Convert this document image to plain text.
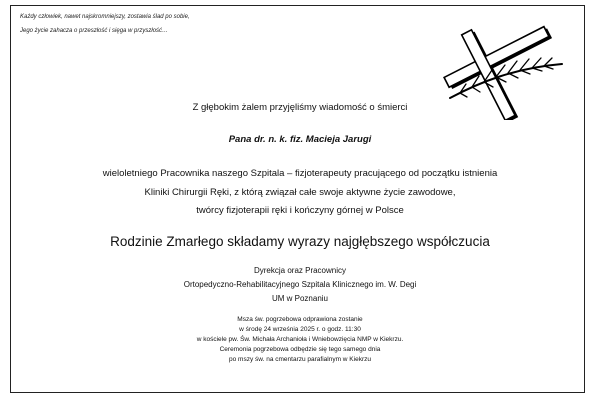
Każdy człowiek, nawet najskromniejszy, zostawia ślad po sobie,
Jego życie zahacza o przeszłość i sięga w przyszłość…
Z głębokim żalem przyjęliśmy wiadomość o śmierci
Pana dr. n. k. fiz. Macieja Jarugi
wieloletniego Pracownika naszego Szpitala – fizjoterapeuty pracującego od początku istnienia
Kliniki Chirurgii Ręki, z którą związał całe swoje aktywne życie zawodowe,
twórcy fizjoterapii ręki i kończyny górnej w Polsce
Rodzinie Zmarłego składamy wyrazy najgłębszego współczucia
Dyrekcja oraz Pracownicy
Ortopedyczno-Rehabilitacyjnego Szpitala Klinicznego im. W. Degi
UM w Poznaniu
Msza św. pogrzebowa odprawiona zostanie
w środę 24 września 2025 r. o godz. 11:30
w kościele pw. Św. Michała Archanioła i Wniebowzięcia NMP w Kiekrzu.
Ceremonia pogrzebowa odbędzie się tego samego dnia
po mszy św. na cmentarzu parafialnym w Kiekrzu
